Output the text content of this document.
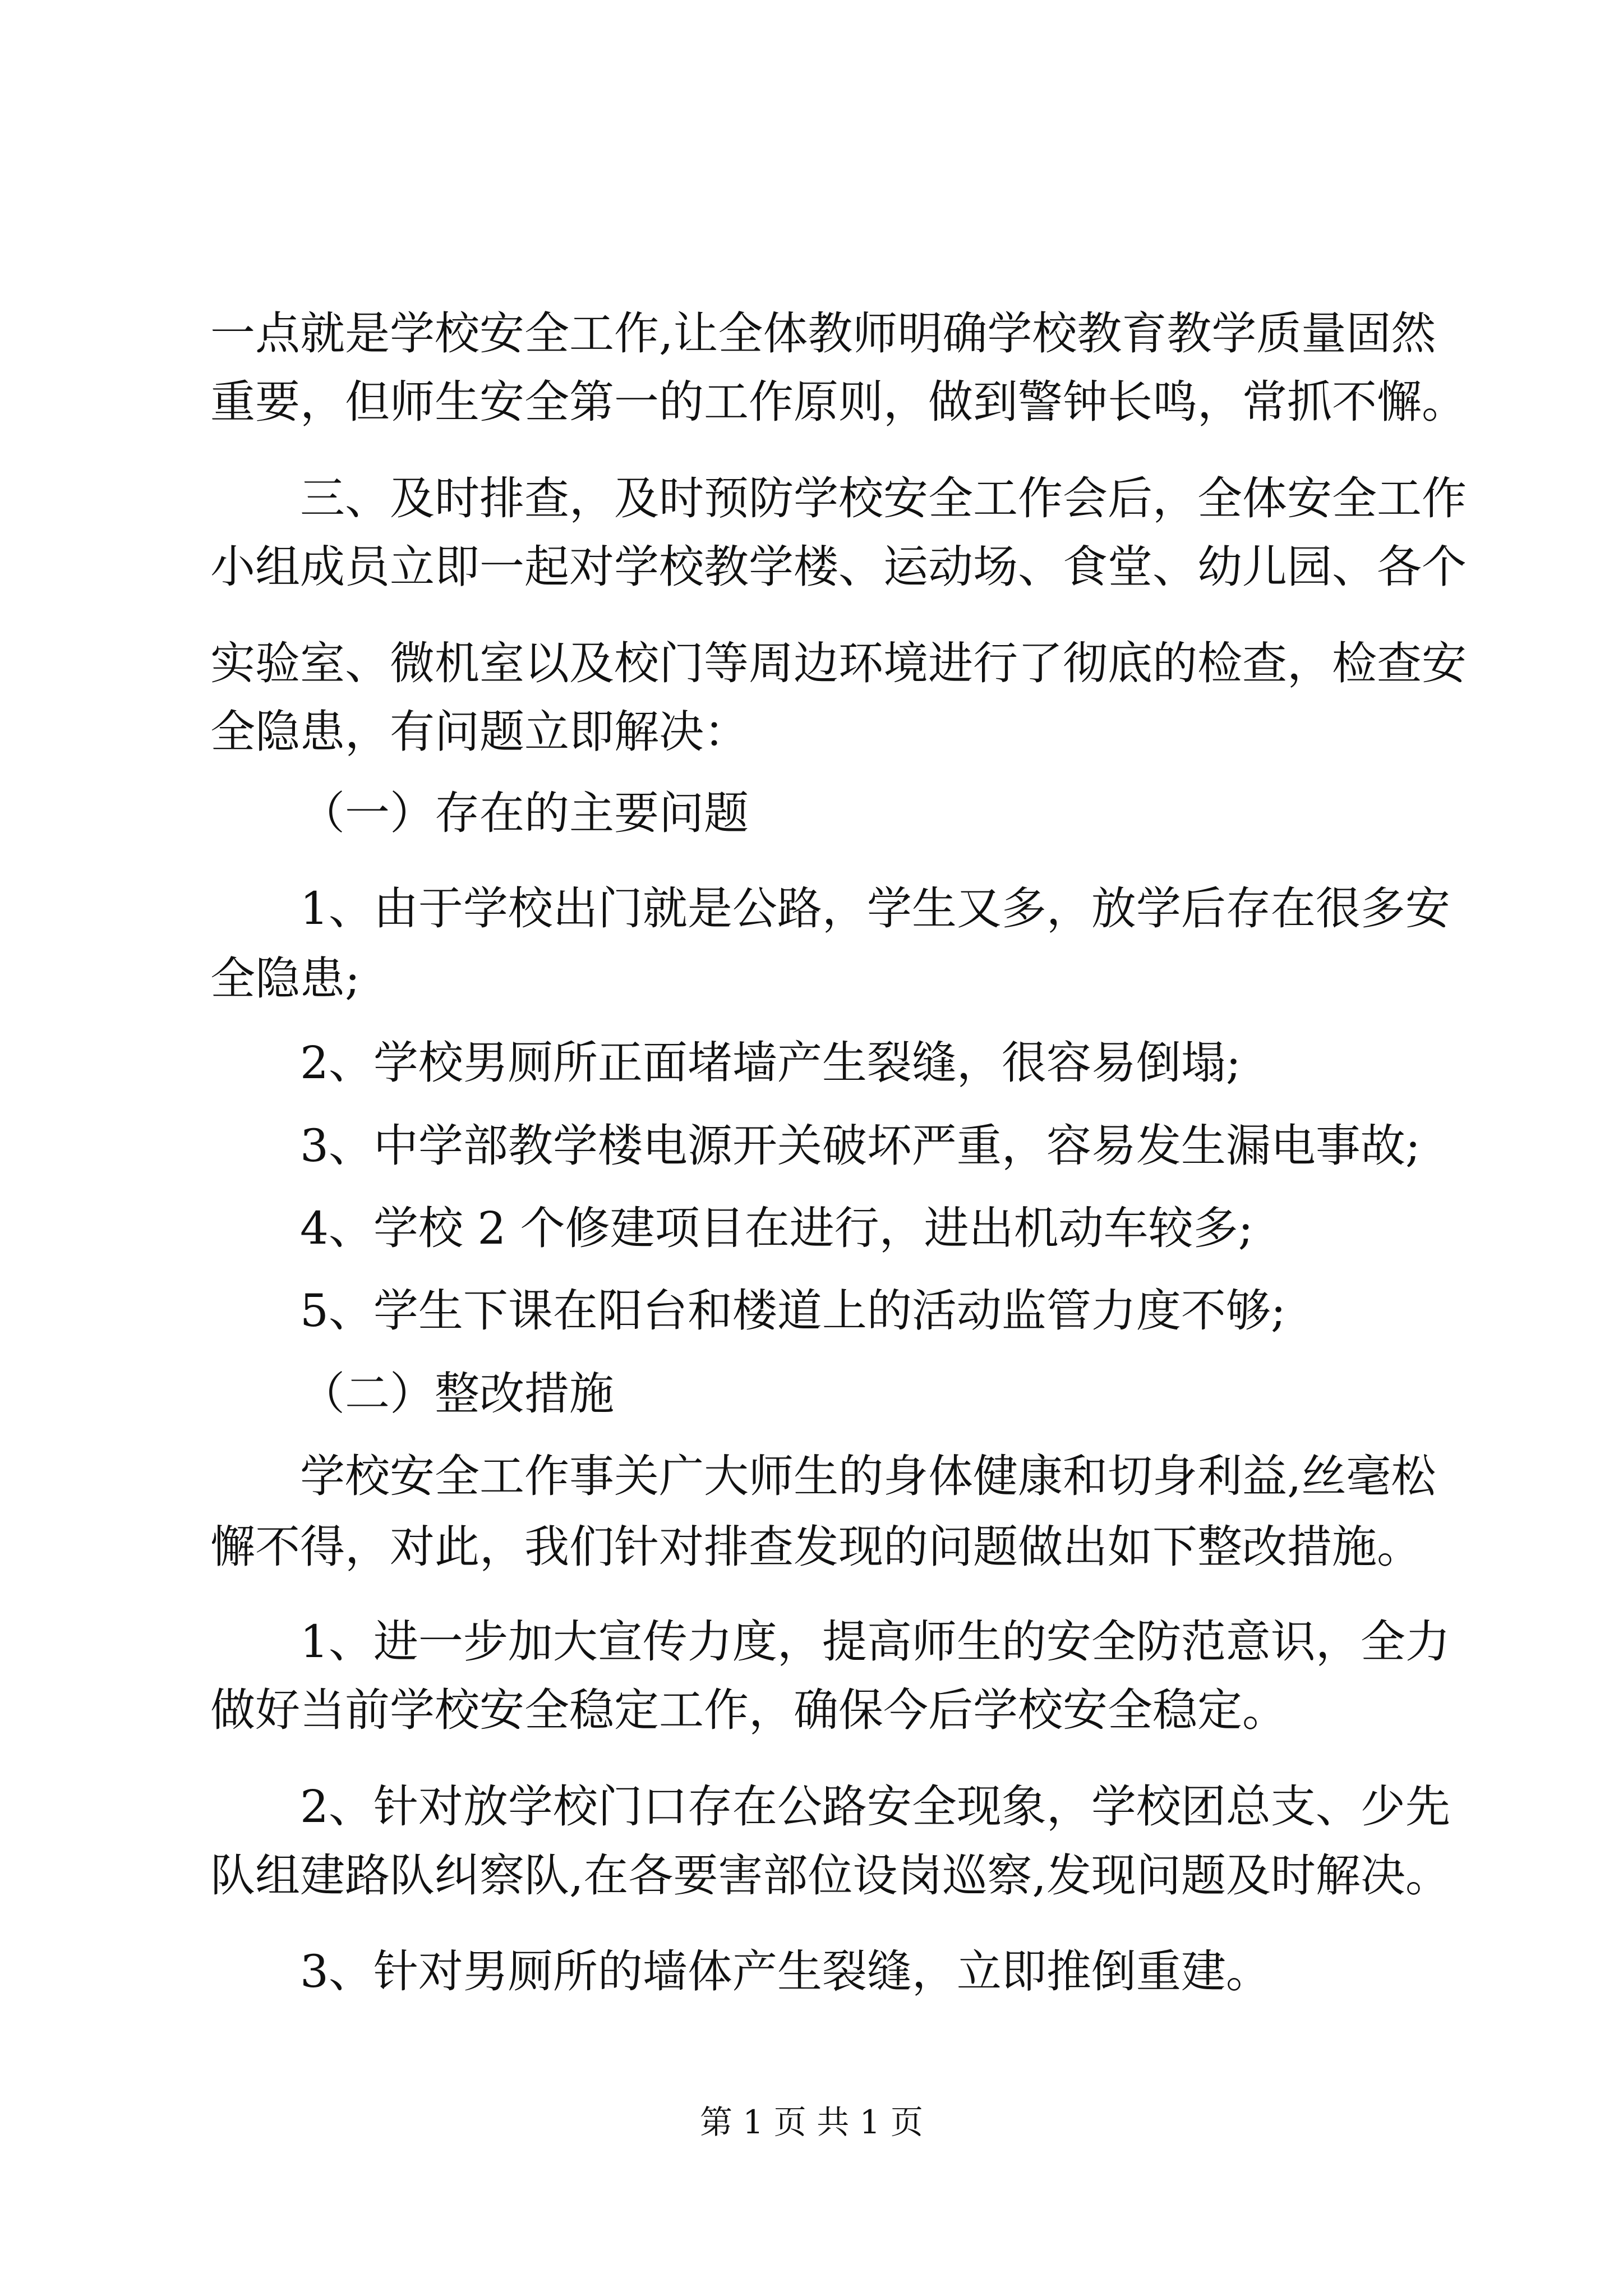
一点就是学校安全工作,让全体教师明确学校教育教学质量固然
重要，但师生安全第一的工作原则，做到警钟长鸣，常抓不懈。
三、及时排查，及时预防学校安全工作会后，全体安全工作
小组成员立即一起对学校教学楼、运动场、食堂、幼儿园、各个
实验室、微机室以及校门等周边环境进行了彻底的检查，检查安
全隐患，有问题立即解决：
（一）存在的主要问题
1、由于学校出门就是公路，学生又多，放学后存在很多安
全隐患;
2、学校男厕所正面堵墙产生裂缝，很容易倒塌;
3、中学部教学楼电源开关破坏严重，容易发生漏电事故;
4、学校 2 个修建项目在进行，进出机动车较多;
5、学生下课在阳台和楼道上的活动监管力度不够;
（二）整改措施
学校安全工作事关广大师生的身体健康和切身利益,丝毫松
懈不得，对此，我们针对排查发现的问题做出如下整改措施。
1、进一步加大宣传力度，提高师生的安全防范意识，全力
做好当前学校安全稳定工作，确保今后学校安全稳定。
2、针对放学校门口存在公路安全现象，学校团总支、少先
队组建路队纠察队,在各要害部位设岗巡察,发现问题及时解决。
3、针对男厕所的墙体产生裂缝，立即推倒重建。
第 1 页 共 1 页
